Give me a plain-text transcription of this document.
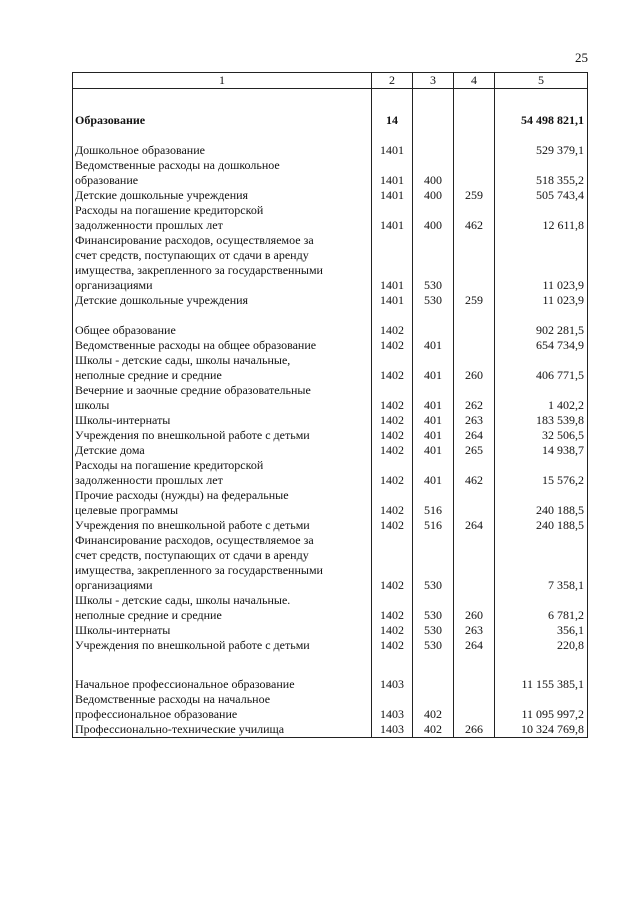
25
1	2	3	4	5

Образование	14			54 498 821,1

Дошкольное образование	1401			529 379,1

Ведомственные расходы на дошкольное
образование	1401	400		518 355,2

Детские дошкольные учреждения	1401	400	259	505 743,4

Расходы на погашение кредиторской
задолженности прошлых лет	1401	400	462	12 611,8

Финансирование расходов, осуществляемое за
счет средств, поступающих от сдачи в аренду
имущества, закрепленного за государственными
организациями	1401	530		11 023,9

Детские дошкольные учреждения	1401	530	259	11 023,9

Общее образование	1402			902 281,5

Ведомственные расходы на общее образование	1402	401		654 734,9

Школы - детские сады, школы начальные,
неполные средние и средние	1402	401	260	406 771,5

Вечерние и заочные средние образовательные
школы	1402	401	262	1 402,2

Школы-интернаты	1402	401	263	183 539,8

Учреждения по внешкольной работе с детьми	1402	401	264	32 506,5

Детские дома	1402	401	265	14 938,7

Расходы на погашение кредиторской
задолженности прошлых лет	1402	401	462	15 576,2

Прочие расходы (нужды) на федеральные
целевые программы	1402	516		240 188,5

Учреждения по внешкольной работе с детьми	1402	516	264	240 188,5

Финансирование расходов, осуществляемое за
счет средств, поступающих от сдачи в аренду
имущества, закрепленного за государственными
организациями	1402	530		7 358,1

Школы - детские сады, школы начальные.
неполные средние и средние	1402	530	260	6 781,2

Школы-интернаты	1402	530	263	356,1

Учреждения по внешкольной работе с детьми	1402	530	264	220,8

Начальное профессиональное образование	1403			11 155 385,1

Ведомственные расходы на начальное
профессиональное образование	1403	402		11 095 997,2

Профессионально-технические училища	1403	402	266	10 324 769,8
